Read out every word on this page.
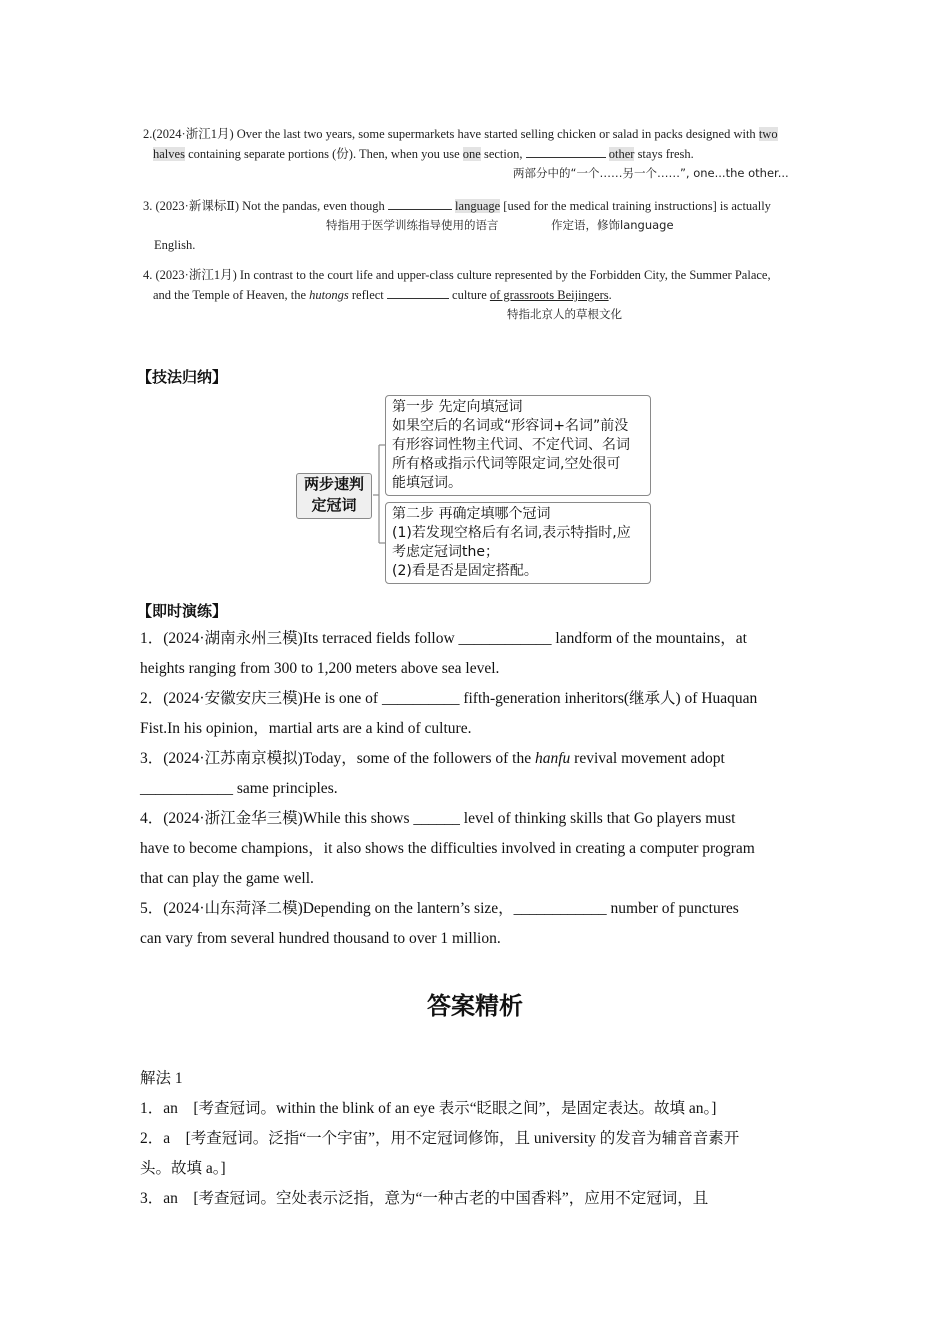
2.(2024·浙江1月) Over the last two years, some supermarkets have started selling chicken or salad in packs designed with two
halves containing separate portions (份). Then, when you use one section,	other stays fresh.
两部分中的“一个……另一个……”, one...the other...
3. (2023·新课标Ⅱ) Not the pandas, even though	language [used for the medical training instructions] is actually
特指用于医学训练指导使用的语言	作定语，修饰language
English.
4. (2023·浙江1月) In contrast to the court life and upper-class culture represented by the Forbidden City, the Summer Palace,
and the Temple of Heaven, the hutongs reflect	culture of grassroots Beijingers.
特指北京人的草根文化
【技法归纳】
两步速判
定冠词
第一步 先定向填冠词
如果空后的名词或“形容词+名词”前没
有形容词性物主代词、不定代词、名词
所有格或指示代词等限定词,空处很可
能填冠词。
第二步 再确定填哪个冠词
(1)若发现空格后有名词,表示特指时,应
考虑定冠词the；
(2)看是否是固定搭配。
【即时演练】
1．(2024·湖南永州三模)Its terraced fields follow ____________ landform of the mountains，at
heights ranging from 300 to 1,200 meters above sea level.
2．(2024·安徽安庆三模)He is one of __________ fifth-generation inheritors(继承人) of Huaquan
Fist.In his opinion，martial arts are a kind of culture.
3．(2024·江苏南京模拟)Today，some of the followers of the hanfu revival movement adopt
____________ same principles.
4．(2024·浙江金华三模)While this shows ______ level of thinking skills that Go players must
have to become champions，it also shows the difficulties involved in creating a computer program
that can play the game well.
5．(2024·山东菏泽二模)Depending on the lantern’s size，____________ number of punctures
can vary from several hundred thousand to over 1 million.
答案精析
解法 1
1．an　[考查冠词。within the blink of an eye 表示“眨眼之间”，是固定表达。故填 an。]
2．a　[考查冠词。泛指“一个宇宙”，用不定冠词修饰，且 university 的发音为辅音音素开
头。故填 a。]
3．an　[考查冠词。空处表示泛指，意为“一种古老的中国香料”，应用不定冠词，且
